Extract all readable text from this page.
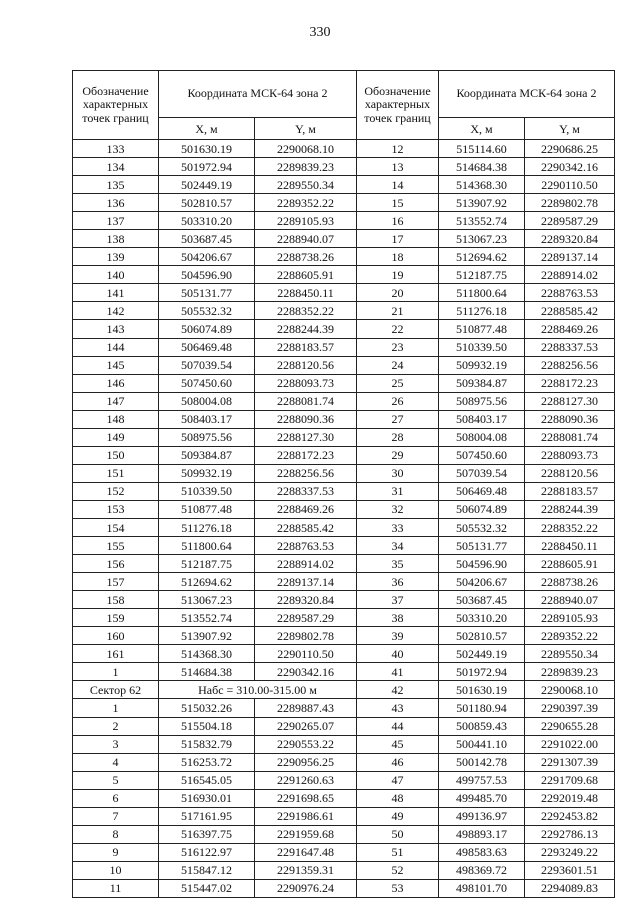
330
Обозначение характерных точек границ	Координата МСК-64 зона 2	
	X, м	Y, м
133	501630.19	2290068.10
134	501972.94	2289839.23
135	502449.19	2289550.34
136	502810.57	2289352.22
137	503310.20	2289105.93
138	503687.45	2288940.07
139	504206.67	2288738.26
140	504596.90	2288605.91
141	505131.77	2288450.11
142	505532.32	2288352.22
143	506074.89	2288244.39
144	506469.48	2288183.57
145	507039.54	2288120.56
146	507450.60	2288093.73
147	508004.08	2288081.74
148	508403.17	2288090.36
149	508975.56	2288127.30
150	509384.87	2288172.23
151	509932.19	2288256.56
152	510339.50	2288337.53
153	510877.48	2288469.26
154	511276.18	2288585.42
155	511800.64	2288763.53
156	512187.75	2288914.02
157	512694.62	2289137.14
158	513067.23	2289320.84
159	513552.74	2289587.29
160	513907.92	2289802.78
161	514368.30	2290110.50
1	514684.38	2290342.16
Сектор 62	Набс = 310.00-315.00 м	
1	515032.26	2289887.43
2	515504.18	2290265.07
3	515832.79	2290553.22
4	516253.72	2290956.25
5	516545.05	2291260.63
6	516930.01	2291698.65
7	517161.95	2291986.61
8	516397.75	2291959.68
9	516122.97	2291647.48
10	515847.12	2291359.31
11	515447.02	2290976.24
Обозначение характерных точек границ	Координата МСК-64 зона 2	
	X, м	Y, м
12	515114.60	2290686.25
13	514684.38	2290342.16
14	514368.30	2290110.50
15	513907.92	2289802.78
16	513552.74	2289587.29
17	513067.23	2289320.84
18	512694.62	2289137.14
19	512187.75	2288914.02
20	511800.64	2288763.53
21	511276.18	2288585.42
22	510877.48	2288469.26
23	510339.50	2288337.53
24	509932.19	2288256.56
25	509384.87	2288172.23
26	508975.56	2288127.30
27	508403.17	2288090.36
28	508004.08	2288081.74
29	507450.60	2288093.73
30	507039.54	2288120.56
31	506469.48	2288183.57
32	506074.89	2288244.39
33	505532.32	2288352.22
34	505131.77	2288450.11
35	504596.90	2288605.91
36	504206.67	2288738.26
37	503687.45	2288940.07
38	503310.20	2289105.93
39	502810.57	2289352.22
40	502449.19	2289550.34
41	501972.94	2289839.23
42	501630.19	2290068.10
43	501180.94	2290397.39
44	500859.43	2290655.28
45	500441.10	2291022.00
46	500142.78	2291307.39
47	499757.53	2291709.68
48	499485.70	2292019.48
49	499136.97	2292453.82
50	498893.17	2292786.13
51	498583.63	2293249.22
52	498369.72	2293601.51
53	498101.70	2294089.83
